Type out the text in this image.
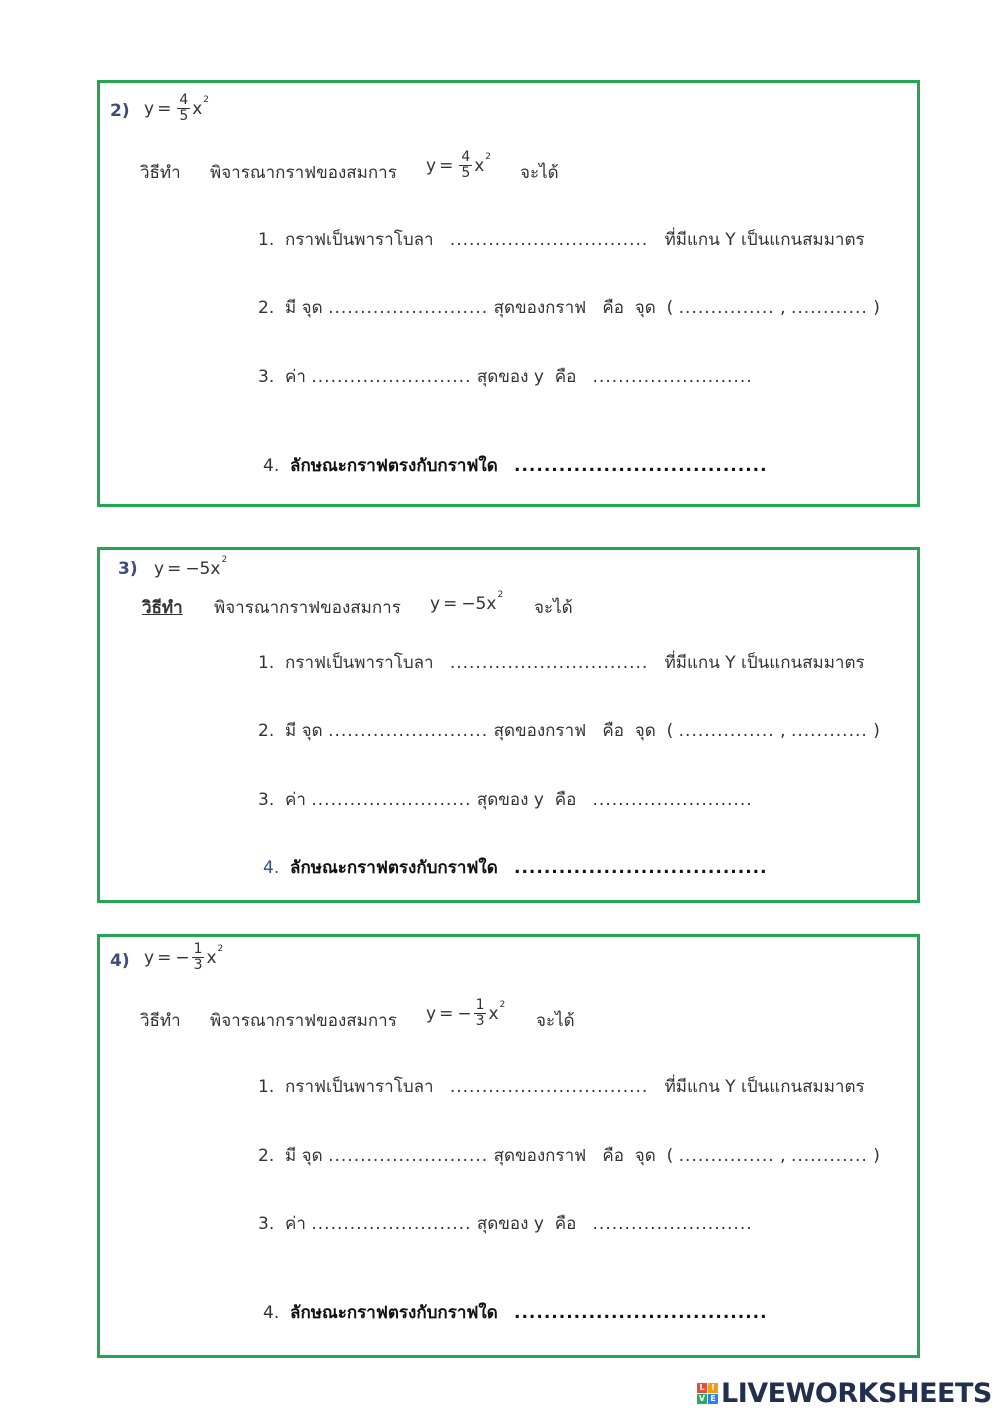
2) $y = \frac{4}{5}$ x 2
วิธีทำ พิจารณากราฟของสมการ $y = \frac{4}{5}$ x 2
จะได้
1. กราฟเป็นพาราโบลา ............................... ที่มีแกน Y เป็นแกนสมมาตร
2. มี จุด ......................... สุดของกราฟ คือ จุด ( ............... , ............ )
3. ค่า ......................... สุดของ y คือ .........................
4. ลักษณะกราฟตรงกับกราฟใด ..................................
3) y = −5 x 2
วิธีทำ พิจารณากราฟของสมการ y = −5 x 2
จะได้
1. กราฟเป็นพาราโบลา ............................... ที่มีแกน Y เป็นแกนสมมาตร
2. มี จุด ......................... สุดของกราฟ คือ จุด ( ............... , ............ )
3. ค่า ......................... สุดของ y คือ .........................
4. ลักษณะกราฟตรงกับกราฟใด ..................................
4) y = − $\frac{1}{3}$ x 2
วิธีทำ พิจารณากราฟของสมการ y = − $\frac{1}{3}$ x 2
จะได้
1. กราฟเป็นพาราโบลา ............................... ที่มีแกน Y เป็นแกนสมมาตร
2. มี จุด ......................... สุดของกราฟ คือ จุด ( ............... , ............ )
3. ค่า ......................... สุดของ y คือ .........................
4. ลักษณะกราฟตรงกับกราฟใด ..................................
L I
V E LIVEWORKSHEETS
